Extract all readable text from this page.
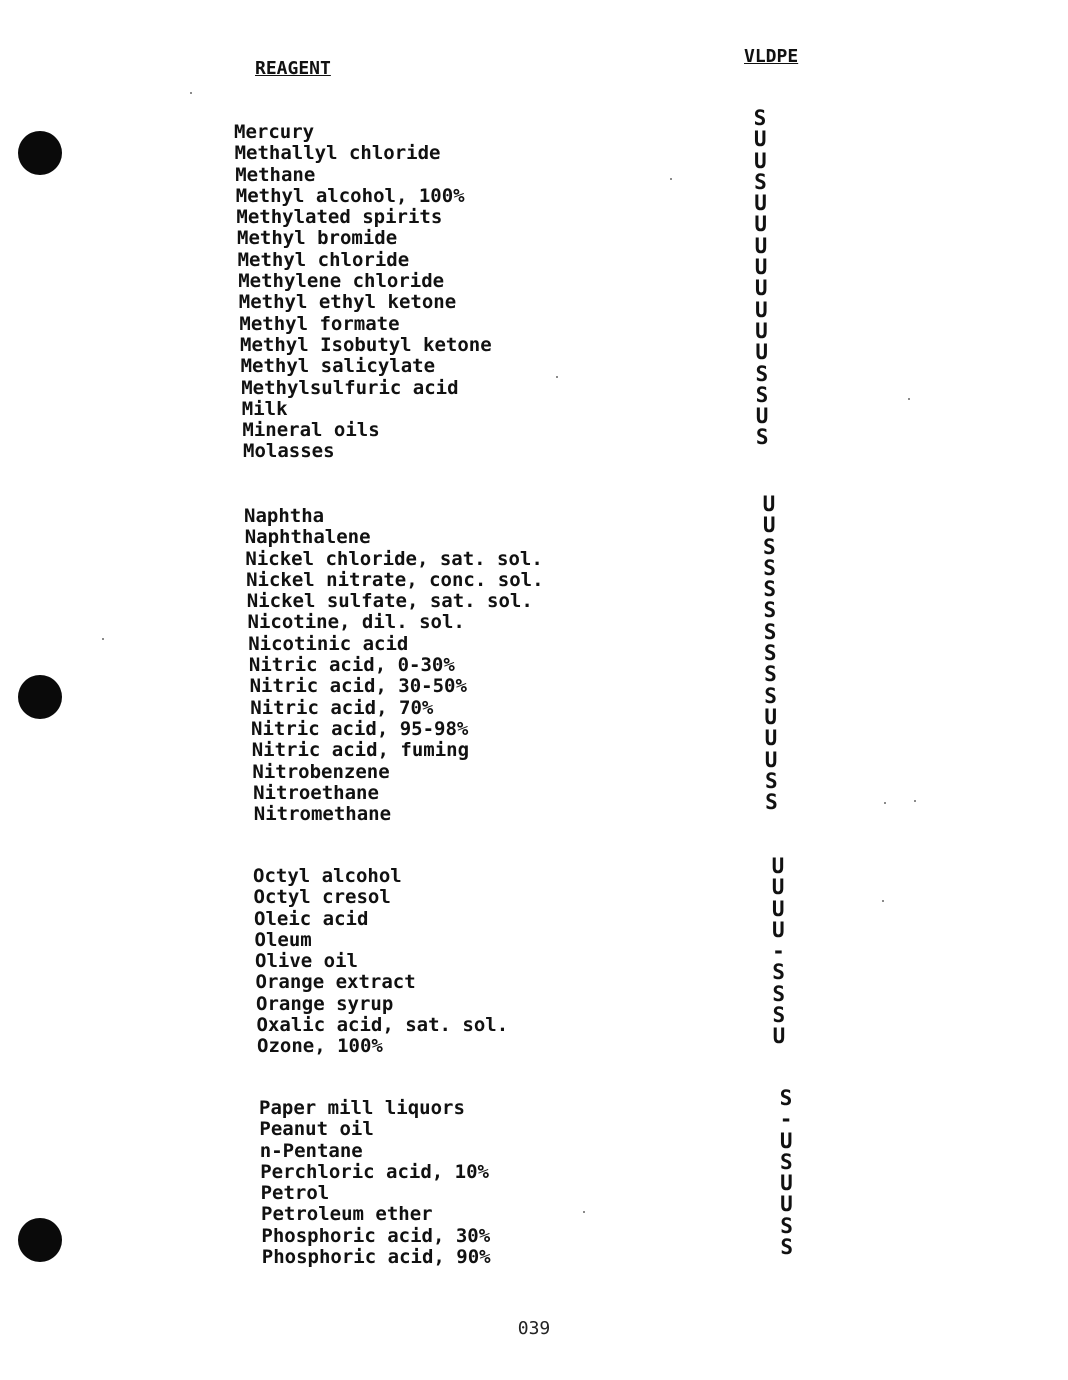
REAGENT
VLDPE
Mercury
Methallyl chloride
Methane
Methyl alcohol, 100%
Methylated spirits
Methyl bromide
Methyl chloride
Methylene chloride
Methyl ethyl ketone
Methyl formate
Methyl Isobutyl ketone
Methyl salicylate
Methylsulfuric acid
Milk
Mineral oils
Molasses
S
U
U
S
U
U
U
U
U
U
U
U
S
S
U
S
Naphtha
Naphthalene
Nickel chloride, sat. sol.
Nickel nitrate, conc. sol.
Nickel sulfate, sat. sol.
Nicotine, dil. sol.
Nicotinic acid
Nitric acid, 0-30%
Nitric acid, 30-50%
Nitric acid, 70%
Nitric acid, 95-98%
Nitric acid, fuming
Nitrobenzene
Nitroethane
Nitromethane
U
U
S
S
S
S
S
S
S
S
U
U
U
S
S
Octyl alcohol
Octyl cresol
Oleic acid
Oleum
Olive oil
Orange extract
Orange syrup
Oxalic acid, sat. sol.
Ozone, 100%
U
U
U
U
-
S
S
S
U
Paper mill liquors
Peanut oil
n-Pentane
Perchloric acid, 10%
Petrol
Petroleum ether
Phosphoric acid, 30%
Phosphoric acid, 90%
S
-
U
S
U
U
S
S
039
